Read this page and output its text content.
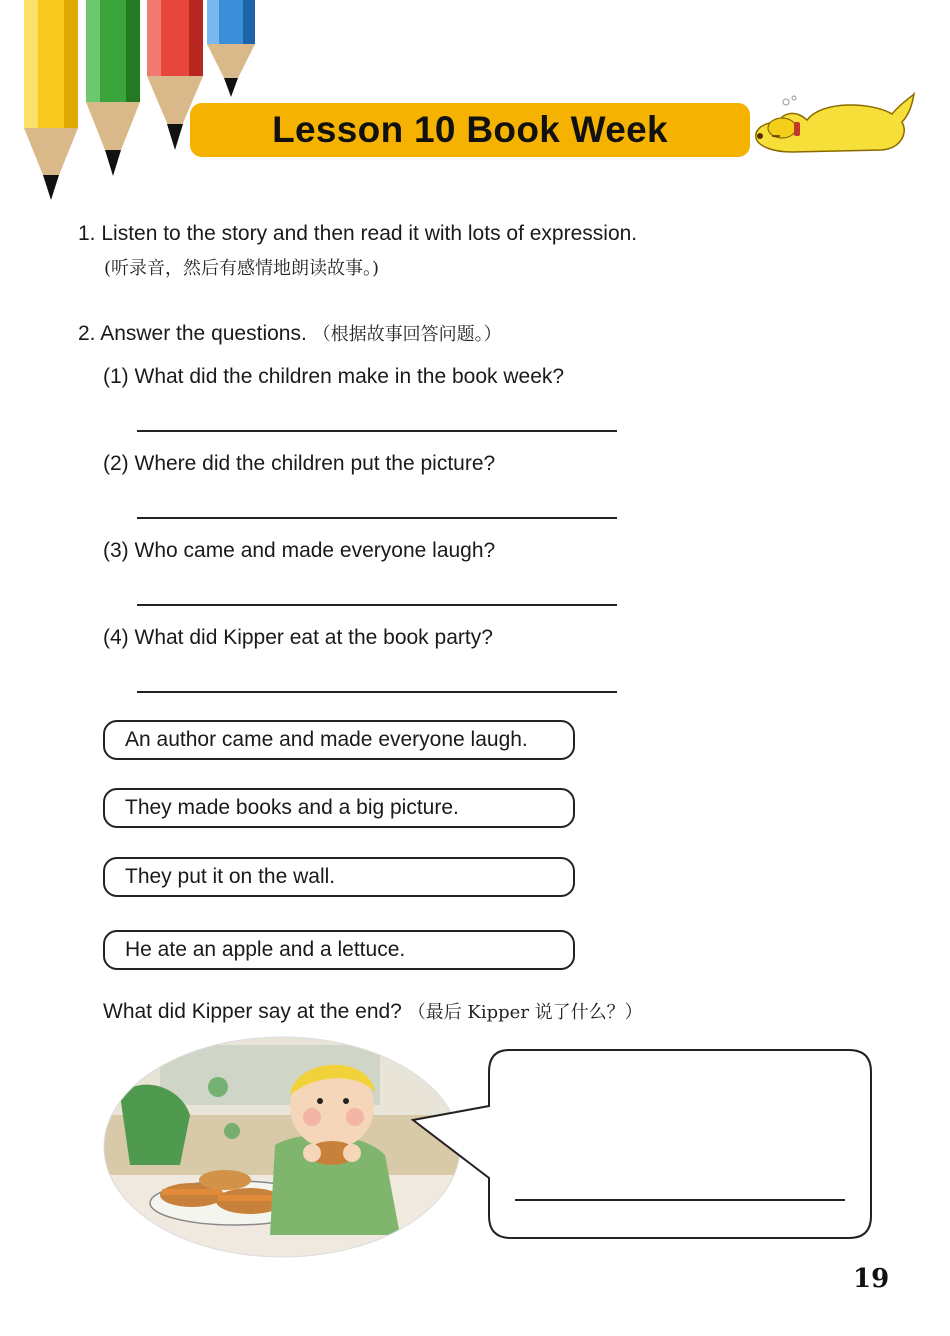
Lesson 10 Book Week
1. Listen to the story and then read it with lots of expression.
(听录音，然后有感情地朗读故事。)
2. Answer the questions. （根据故事回答问题。）
(1) What did the children make in the book week?
(2) Where did the children put the picture?
(3) Who came and made everyone laugh?
(4) What did Kipper eat at the book party?
An author came and made everyone laugh.
They made books and a big picture.
They put it on the wall.
He ate an apple and a lettuce.
What did Kipper say at the end? （最后 Kipper 说了什么？）
19
